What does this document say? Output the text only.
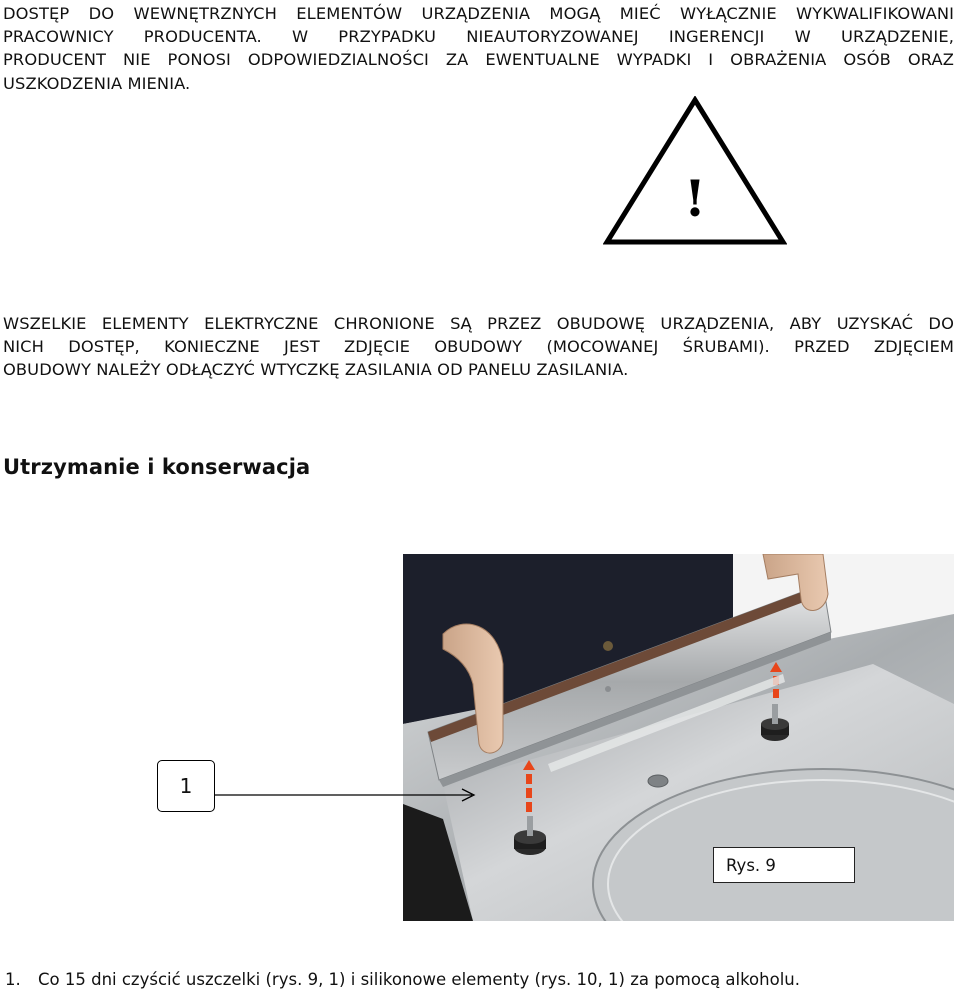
DOSTĘP DO WEWNĘTRZNYCH ELEMENTÓW URZĄDZENIA MOGĄ MIEĆ WYŁĄCZNIE WYKWALIFIKOWANI
PRACOWNICY PRODUCENTA. W PRZYPADKU NIEAUTORYZOWANEJ INGERENCJI W URZĄDZENIE,
PRODUCENT NIE PONOSI ODPOWIEDZIALNOŚCI ZA EWENTUALNE WYPADKI I OBRAŻENIA OSÓB ORAZ
USZKODZENIA MIENIA.
!
WSZELKIE ELEMENTY ELEKTRYCZNE CHRONIONE SĄ PRZEZ OBUDOWĘ URZĄDZENIA, ABY UZYSKAĆ DO
NICH DOSTĘP, KONIECZNE JEST ZDJĘCIE OBUDOWY (MOCOWANEJ ŚRUBAMI). PRZED ZDJĘCIEM
OBUDOWY NALEŻY ODŁĄCZYĆ WTYCZKĘ ZASILANIA OD PANELU ZASILANIA.
Utrzymanie i konserwacja
1
Rys. 9

1. Co 15 dni czyścić uszczelki (rys. 9, 1) i silikonowe elementy (rys. 10, 1) za pomocą alkoholu.
